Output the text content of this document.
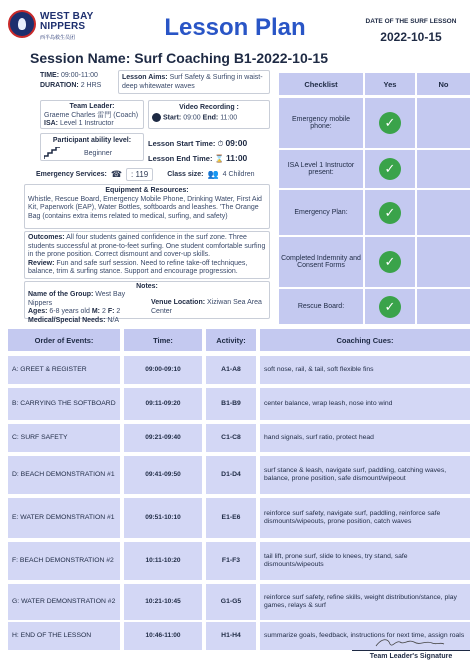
WEST BAY
NIPPERS
西半岛救生员团	Lesson Plan	DATE OF THE SURF LESSON
2022-10-15
Session Name: Surf Coaching B1-2022-10-15
TIME: 09:00-11:00
DURATION: 2 HRS
Lesson Aims: Surf Safety & Surfing in waist-deep whitewater waves
Team Leader:
Graeme Charles 雷門 (Coach)
ISA: Level 1 Instructor
Video Recording :
Start: 09:00 End: 11:00
Participant ability level:
Beginner
Lesson Start Time: ⏱ 09:00
Lesson End Time: ⌛ 11:00
Emergency Services: ☎	: 119	Class size: 👥 4 Children
Equipment & Resources:
Whistle, Rescue Board, Emergency Mobile Phone, Drinking Water, First Aid Kit, Paperwork (EAP), Water Bottles, softboards and leashes. 'The Orange Bag (contains extra items related to medical, surfing, and safety)
Outcomes: All four students gained confidence in the surf zone. Three students successful at prone-to-feet surfing. One student comfortable surfing in the prone position. Correct dismount and cover-up skills.
Review: Fun and safe surf session. Need to refine take-off techniques, balance, trim & surfing stance. Support and encourage progression.
Notes:
Name of the Group: West Bay Nippers
Ages: 6-8 years old M: 2 F: 2
Medical/Special Needs: N/A
Venue Location: Xiziwan Sea Area Center
Checklist	Yes	No
Emergency mobile phone:	✓
ISA Level 1 Instructor present:	✓
Emergency Plan:	✓
Completed Indemnity and Consent Forms	✓
Rescue Board:	✓
Order of Events:	Time:	Activity:	Coaching Cues:
A: GREET & REGISTER	09:00-09:10	A1-A8	soft nose, rail, & tail, soft flexible fins
B: CARRYING THE SOFTBOARD	09:11-09:20	B1-B9	center balance, wrap leash, nose into wind
C: SURF SAFETY	09:21-09:40	C1-C8	hand signals, surf ratio, protect head
D: BEACH DEMONSTRATION #1	09:41-09:50	D1-D4
surf stance & leash, navigate surf, paddling, catching waves, balance, prone position, safe dismount/wipeout
E: WATER DEMONSTRATION #1	09:51-10:10	E1-E6
reinforce surf safety, navigate surf, paddling, reinforce safe dismounts/wipeouts, prone position, catch waves
F: BEACH DEMONSTRATION #2	10:11-10:20	F1-F3
tail lift, prone surf, slide to knees, try stand, safe dismounts/wipeouts
G: WATER DEMONSTRATION #2	10:21-10:45	G1-G5
reinforce surf safety, refine skills, weight distribution/stance, play games, relays & surf
H: END OF THE LESSON	10:46-11:00	H1-H4	summarize goals, feedback, instructions for next time, assign roals
Team Leader's Signature
